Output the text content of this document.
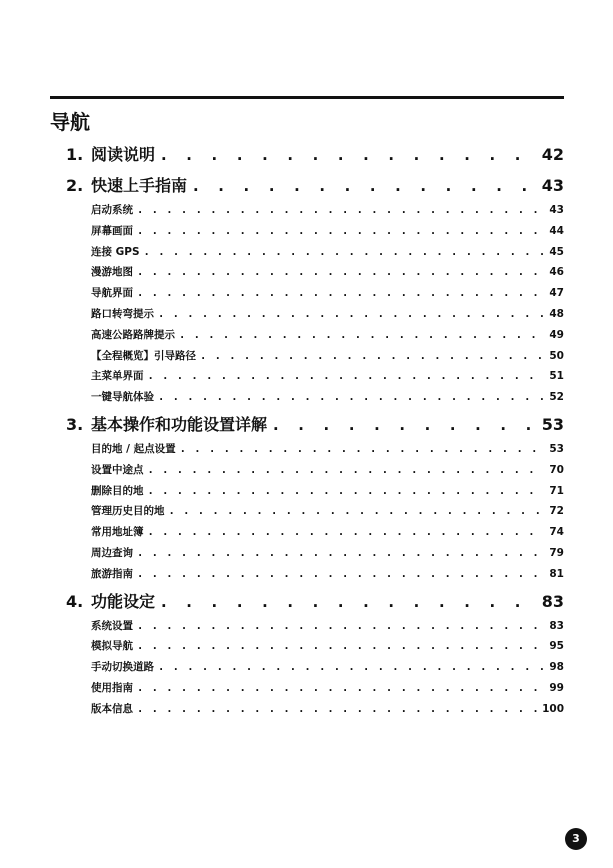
导航
1. 阅读说明 . . .	42
2. 快速上手指南 . . .	43
启动系统 . . .	43
屏幕画面 . . .	44
连接 GPS . . .	45
漫游地图 . . .	46
导航界面 . . .	47
路口转弯提示 . . .	48
高速公路路牌提示 . . .	49
【全程概览】引导路径 . . .	50
主菜单界面 . . .	51
一键导航体验 . . .	52
3. 基本操作和功能设置详解 . . .	53
目的地 / 起点设置 . . .	53
设置中途点 . . .	70
删除目的地 . . .	71
管理历史目的地 . . .	72
常用地址簿 . . .	74
周边查询 . . .	79
旅游指南 . . .	81
4. 功能设定 . . .	83
系统设置 . . .	83
模拟导航 . . .	95
手动切换道路 . . .	98
使用指南 . . .	99
版本信息 . . .	100
3
